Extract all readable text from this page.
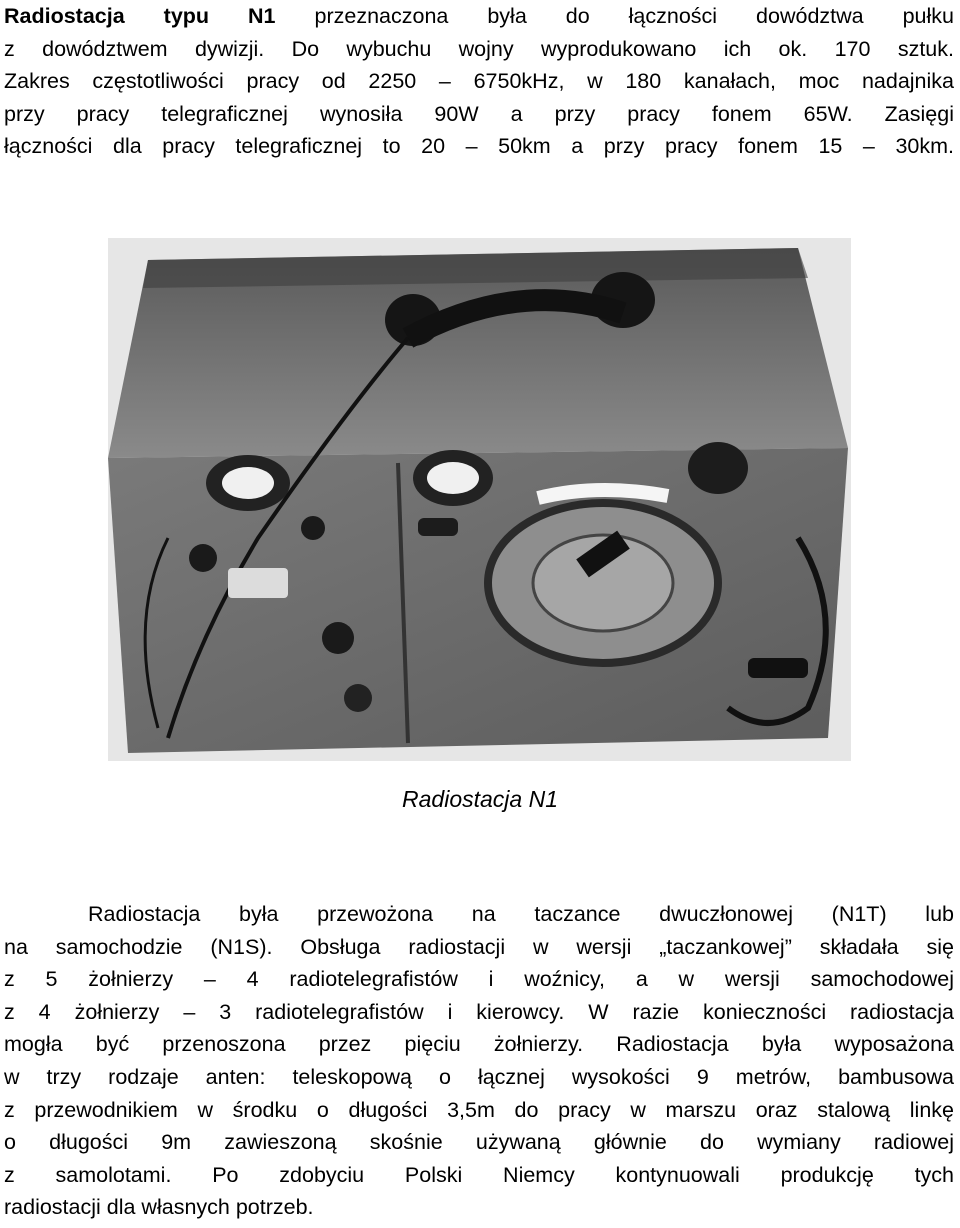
Radiostacja typu N1 przeznaczona była do łączności dowództwa pułku
z dowództwem dywizji. Do wybuchu wojny wyprodukowano ich ok. 170 sztuk.
Zakres częstotliwości pracy od 2250 – 6750kHz, w 180 kanałach, moc nadajnika
przy pracy telegraficznej wynosiła 90W a przy pracy fonem 65W. Zasięgi
łączności dla pracy telegraficznej to 20 – 50km a przy pracy fonem 15 – 30km.
Radiostacja N1
Radiostacja była przewożona na taczance dwuczłonowej (N1T) lub
na samochodzie (N1S). Obsługa radiostacji w wersji „taczankowej” składała się
z 5 żołnierzy – 4 radiotelegrafistów i woźnicy, a w wersji samochodowej
z 4 żołnierzy – 3 radiotelegrafistów i kierowcy. W razie konieczności radiostacja
mogła być przenoszona przez pięciu żołnierzy. Radiostacja była wyposażona
w trzy rodzaje anten: teleskopową o łącznej wysokości 9 metrów, bambusowa
z przewodnikiem w środku o długości 3,5m do pracy w marszu oraz stalową linkę
o długości 9m zawieszoną skośnie używaną głównie do wymiany radiowej
z samolotami. Po zdobyciu Polski Niemcy kontynuowali produkcję tych
radiostacji dla własnych potrzeb.
